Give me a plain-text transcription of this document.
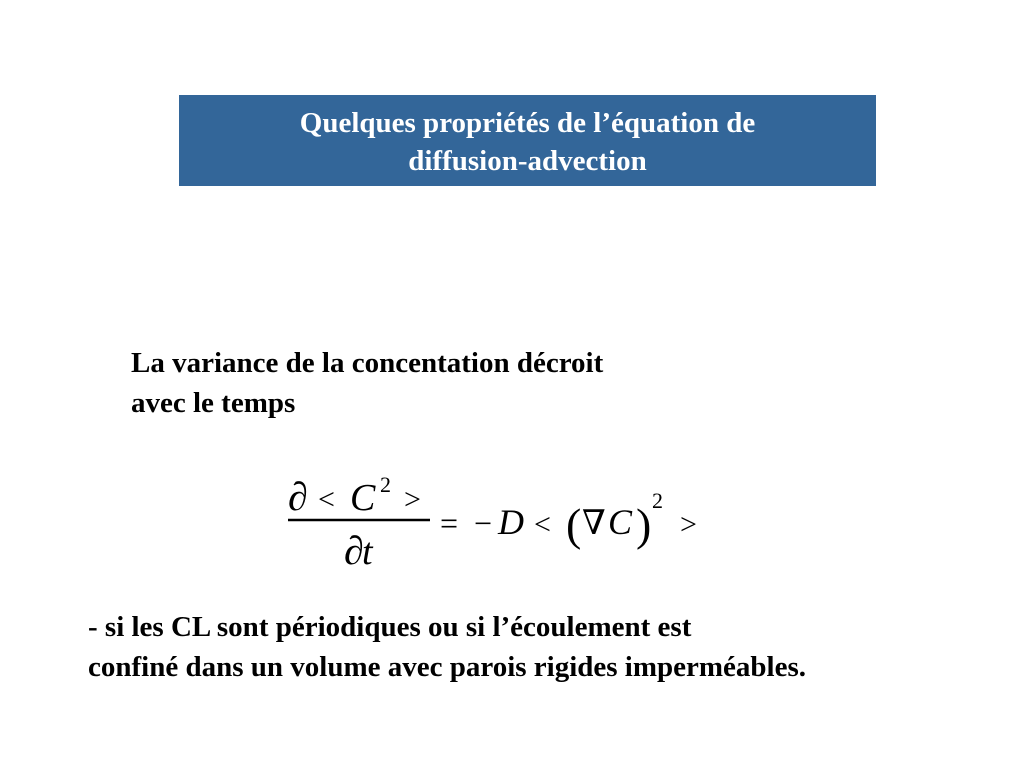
Quelques propriétés de l’équation de
diffusion-advection
La variance de la concentation décroit
avec le temps
∂ < C 2 >
∂
t
= − D < ( ∇ C ) 2
>
- si les CL sont périodiques ou si l’écoulement est
confiné dans un volume avec parois rigides imperméables.
